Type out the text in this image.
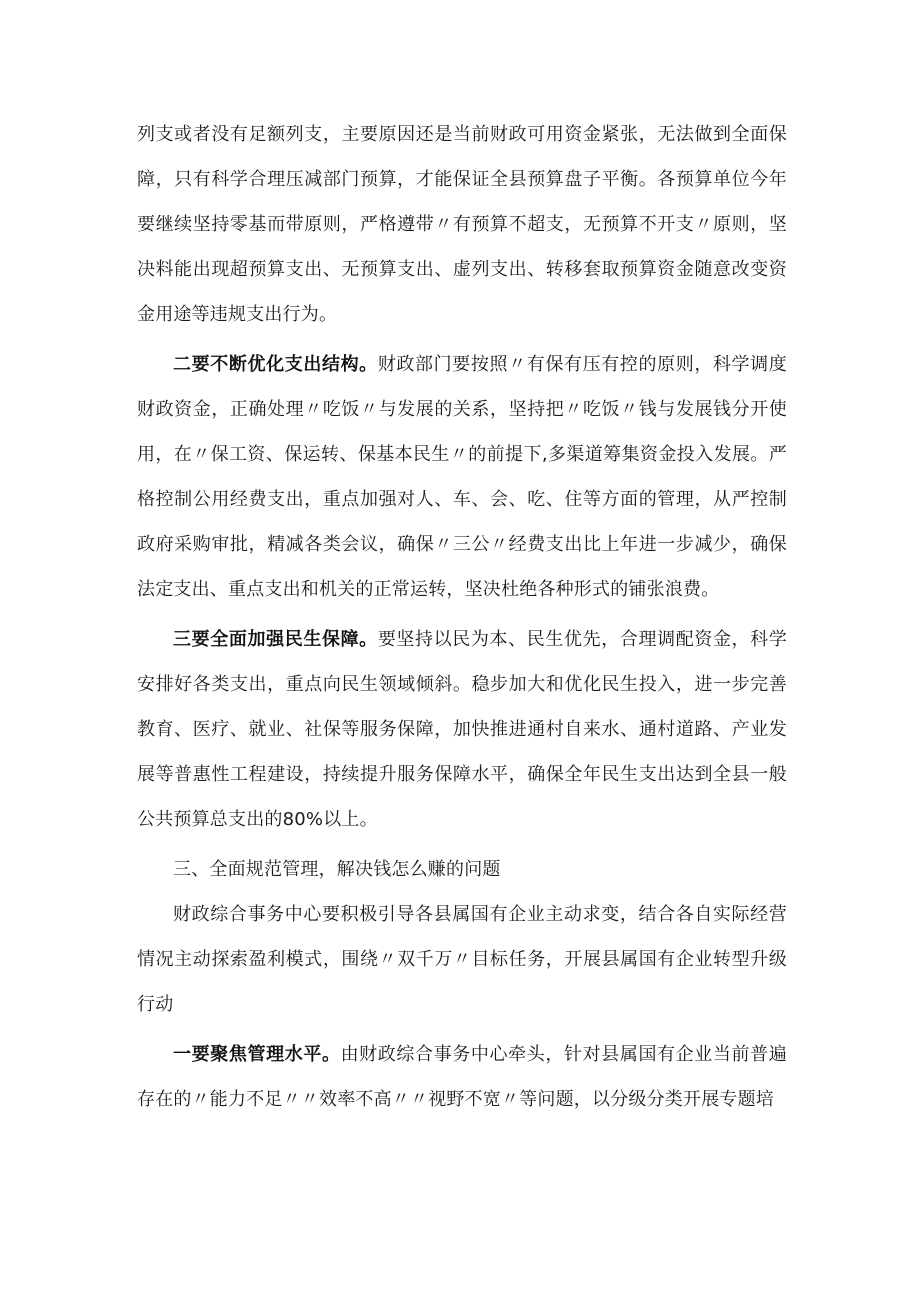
列支或者没有足额列支，主要原因还是当前财政可用资金紧张，无法做到全面保障，只有科学合理压减部门预算，才能保证全县预算盘子平衡。各预算单位今年要继续坚持零基而带原则，严格遵带〃有预算不超支，无预算不开支〃原则，坚决料能出现超预算支出、无预算支出、虚列支出、转移套取预算资金随意改变资金用途等违规支出行为。

二要不断优化支出结构。财政部门要按照〃有保有压有控的原则，科学调度财政资金，正确处理〃吃饭〃与发展的关系，坚持把〃吃饭〃钱与发展钱分开使用，在〃保工资、保运转、保基本民生〃的前提下,多渠道筹集资金投入发展。严格控制公用经费支出，重点加强对人、车、会、吃、住等方面的管理，从严控制政府采购审批，精减各类会议，确保〃三公〃经费支出比上年进一步减少，确保法定支出、重点支出和机关的正常运转，坚决杜绝各种形式的铺张浪费。

三要全面加强民生保障。要坚持以民为本、民生优先，合理调配资金，科学安排好各类支出，重点向民生领域倾斜。稳步加大和优化民生投入，进一步完善教育、医疗、就业、社保等服务保障，加快推进通村自来水、通村道路、产业发展等普惠性工程建设，持续提升服务保障水平，确保全年民生支出达到全县一般公共预算总支出的80%以上。

三、全面规范管理，解决钱怎么赚的问题

财政综合事务中心要积极引导各县属国有企业主动求变，结合各自实际经营情况主动探索盈利模式，围绕〃双千万〃目标任务，开展县属国有企业转型升级行动

一要聚焦管理水平。由财政综合事务中心牵头，针对县属国有企业当前普遍存在的〃能力不足〃〃效率不高〃〃视野不宽〃等问题，以分级分类开展专题培
